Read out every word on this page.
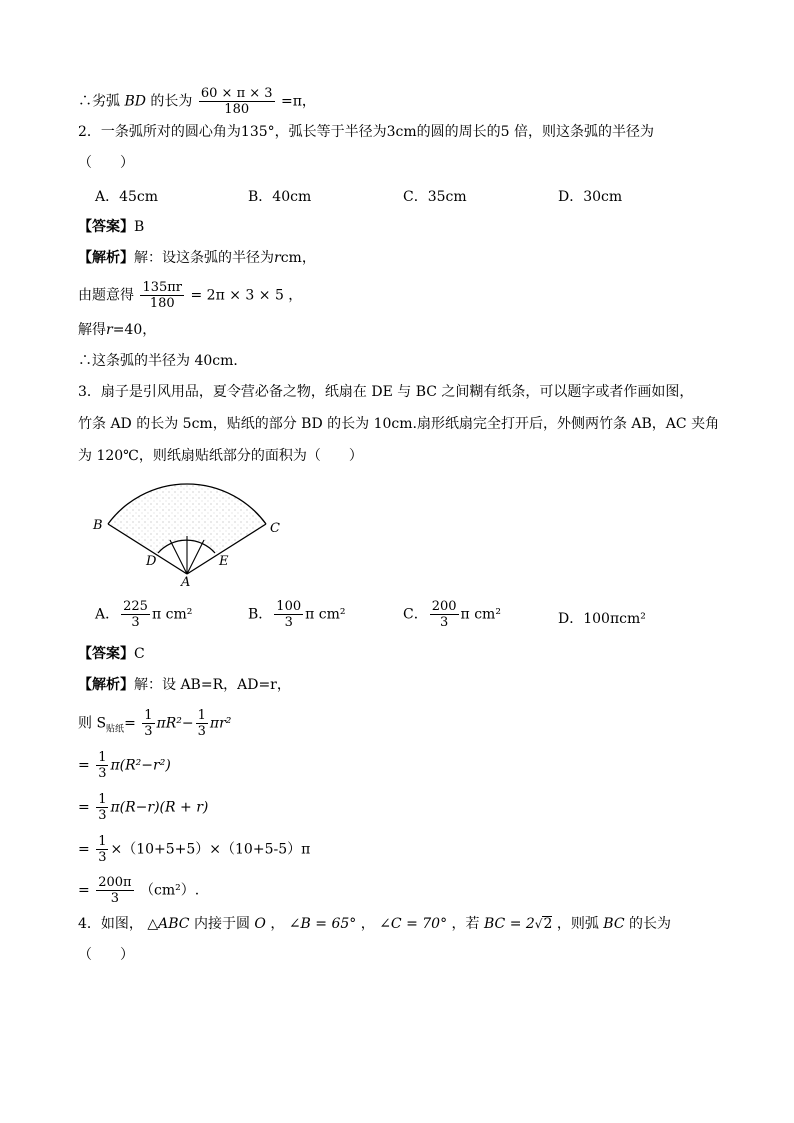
∴劣弧 BD 的长为 $\frac{60 \times \pi \times 3}{180} =\pi$，
2．一条弧所对的圆心角为135°，弧长等于半径为3cm的圆的周长的5 倍，则这条弧的半径为
（　　）
A．45cm	B．40cm	C．35cm	D．30cm
【答案】B
【解析】解：设这条弧的半径为rcm，
由题意得 $\frac{135\pi r}{180} = 2\pi \times 3 \times 5$ ，
解得r=40，
∴这条弧的半径为 40cm．
3．扇子是引风用品，夏令营必备之物，纸扇在 DE 与 BC 之间糊有纸条，可以题字或者作画如图，
竹条 AD 的长为 5cm，贴纸的部分 BD 的长为 10cm.扇形纸扇完全打开后，外侧两竹条 AB，AC 夹角
为 120℃，则纸扇贴纸部分的面积为（　　）
B	C
D	E
A
A． $\frac{225}{3}$ π cm²	B． $\frac{100}{3}$ π cm²	C． $\frac{200}{3}$ π cm²	D．100πcm²
【答案】C
【解析】解：设 AB=R，AD=r，
则 $S_{贴纸}= \frac{1}{3} \pi R^2- \frac{1}{3} \pi r^2$
= $\frac{1}{3} \pi(R^2-r^2)$
= $\frac{1}{3} \pi(R-r)(R + r)$
= $\frac{1}{3} \times(10+5+5)\times(10+5-5)\pi$
= $\frac{200\pi}{3} (cm^2)$.
4．如图， △ABC 内接于圆 O ， ∠B = 65° ， ∠C = 70° ，若 BC = 2√2 ，则弧 BC 的长为
（　　）
